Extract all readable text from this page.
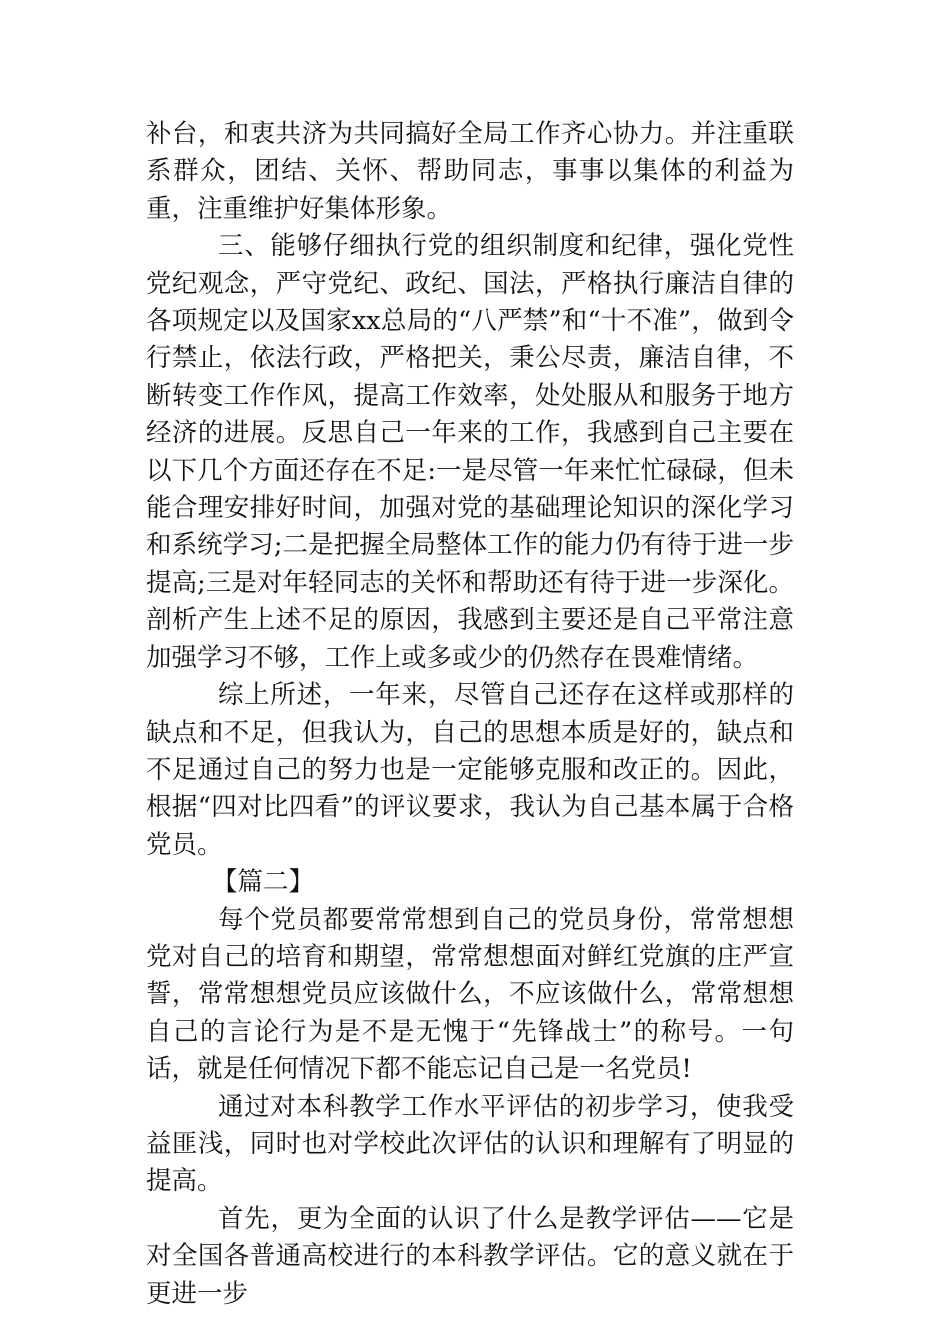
补台，和衷共济为共同搞好全局工作齐心协力。并注重联系群众，团结、关怀、帮助同志，事事以集体的利益为重，注重维护好集体形象。

三、能够仔细执行党的组织制度和纪律，强化党性党纪观念，严守党纪、政纪、国法，严格执行廉洁自律的各项规定以及国家xx总局的“八严禁”和“十不准”，做到令行禁止，依法行政，严格把关，秉公尽责，廉洁自律，不断转变工作作风，提高工作效率，处处服从和服务于地方经济的进展。反思自己一年来的工作，我感到自己主要在以下几个方面还存在不足:一是尽管一年来忙忙碌碌，但未能合理安排好时间，加强对党的基础理论知识的深化学习和系统学习;二是把握全局整体工作的能力仍有待于进一步提高;三是对年轻同志的关怀和帮助还有待于进一步深化。剖析产生上述不足的原因，我感到主要还是自己平常注意加强学习不够，工作上或多或少的仍然存在畏难情绪。

综上所述，一年来，尽管自己还存在这样或那样的缺点和不足，但我认为，自己的思想本质是好的，缺点和不足通过自己的努力也是一定能够克服和改正的。因此，根据“四对比四看”的评议要求，我认为自己基本属于合格党员。

【篇二】

每个党员都要常常想到自己的党员身份，常常想想党对自己的培育和期望，常常想想面对鲜红党旗的庄严宣誓，常常想想党员应该做什么，不应该做什么，常常想想自己的言论行为是不是无愧于“先锋战士”的称号。一句话，就是任何情况下都不能忘记自己是一名党员!

通过对本科教学工作水平评估的初步学习，使我受益匪浅，同时也对学校此次评估的认识和理解有了明显的提高。

首先，更为全面的认识了什么是教学评估——它是对全国各普通高校进行的本科教学评估。它的意义就在于更进一步
